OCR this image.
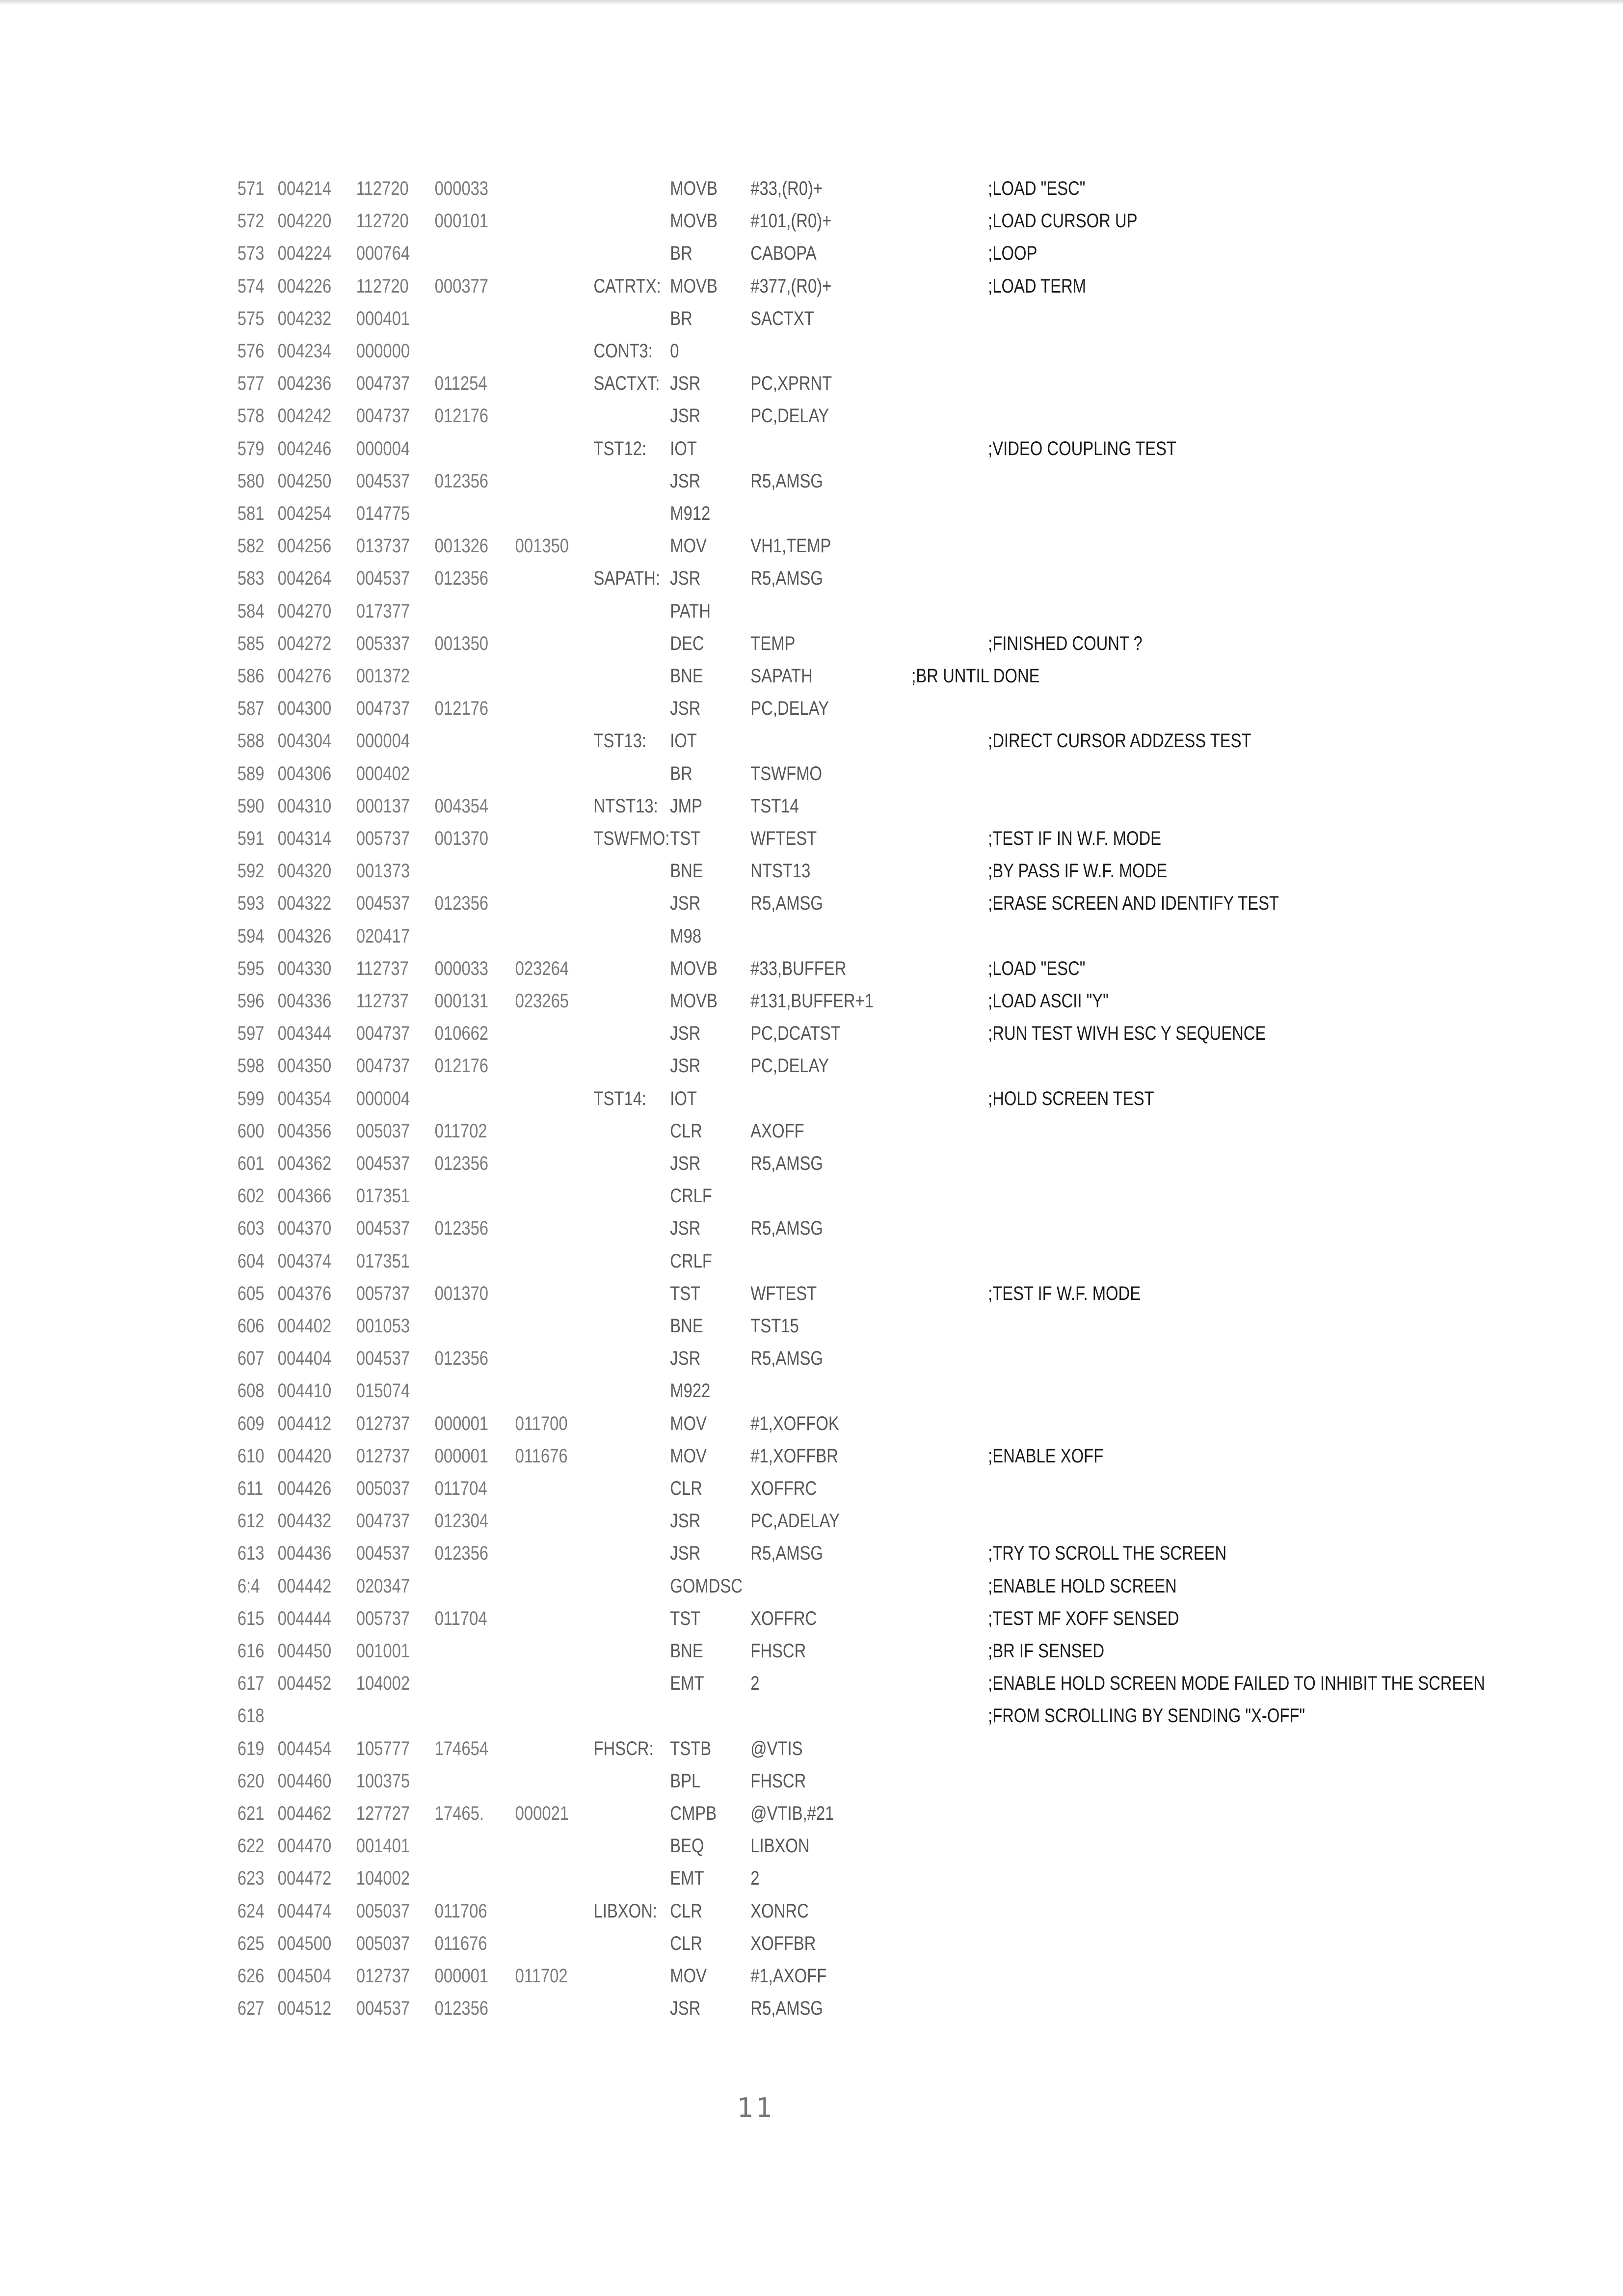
571 004214 112720 000033	MOVB #33,(R0)+	;LOAD "ESC"
572 004220 112720 000101	MOVB #101,(R0)+	;LOAD CURSOR UP
573 004224 000764	BR	CABOPA	;LOOP
574 004226 112720 000377	CATRTX: MOVB #377,(R0)+	;LOAD TERM
575 004232 000401	BR	SACTXT
576 004234 000000	CONT3: 0
577 004236 004737 011254	SACTXT: JSR	PC,XPRNT
578 004242 004737 012176	JSR	PC,DELAY
579 004246 000004	TST12: IOT	;VIDEO COUPLING TEST
580 004250 004537 012356	JSR	R5,AMSG
581 004254 014775	M912
582 004256 013737 001326 001350	MOV VH1,TEMP
583 004264 004537 012356	SAPATH: JSR	R5,AMSG
584 004270 017377	PATH
585 004272 005337 001350	DEC TEMP	;FINISHED COUNT ?
586 004276 001372	BNE SAPATH	;BR UNTIL DONE
587 004300 004737 012176	JSR	PC,DELAY
588 004304 000004	TST13: IOT	;DIRECT CURSOR ADDZESS TEST
589 004306 000402	BR	TSWFMO
590 004310 000137 004354	NTST13: JMP TST14
591 004314 005737 001370	TSWFMO: TST	WFTEST	;TEST IF IN W.F. MODE
592 004320 001373	BNE NTST13	;BY PASS IF W.F. MODE
593 004322 004537 012356	JSR	R5,AMSG	;ERASE SCREEN AND IDENTIFY TEST
594 004326 020417	M98
595 004330 112737 000033 023264	MOVB #33,BUFFER	;LOAD "ESC"
596 004336 112737 000131 023265	MOVB #131,BUFFER+1	;LOAD ASCII "Y"
597 004344 004737 010662	JSR	PC,DCATST	;RUN TEST WIVH ESC Y SEQUENCE
598 004350 004737 012176	JSR	PC,DELAY
599 004354 000004	TST14: IOT	;HOLD SCREEN TEST
600 004356 005037 011702	CLR AXOFF
601 004362 004537 012356	JSR	R5,AMSG
602 004366 017351	CRLF
603 004370 004537 012356	JSR	R5,AMSG
604 004374 017351	CRLF
605 004376 005737 001370	TST	WFTEST	;TEST IF W.F. MODE
606 004402 001053	BNE TST15
607 004404 004537 012356	JSR	R5,AMSG
608 004410 015074	M922
609 004412 012737 000001 011700	MOV #1,XOFFOK
610 004420 012737 000001 011676	MOV #1,XOFFBR	;ENABLE XOFF
611 004426 005037 011704	CLR XOFFRC
612 004432 004737 012304	JSR	PC,ADELAY
613 004436 004537 012356	JSR	R5,AMSG	;TRY TO SCROLL THE SCREEN
6:4 004442 020347	GOMDSC	;ENABLE HOLD SCREEN
615 004444 005737 011704	TST	XOFFRC	;TEST MF XOFF SENSED
616 004450 001001	BNE FHSCR	;BR IF SENSED
617 004452 104002	EMT 2	;ENABLE HOLD SCREEN MODE FAILED TO INHIBIT THE SCREEN
618	;FROM SCROLLING BY SENDING "X-OFF"
619 004454 105777 174654	FHSCR: TSTB @VTIS
620 004460 100375	BPL	FHSCR
621 004462 127727 17465. 000021	CMPB @VTIB,#21
622 004470 001401	BEQ LIBXON
623 004472 104002	EMT 2
624 004474 005037 011706	LIBXON: CLR XONRC
625 004500 005037 011676	CLR XOFFBR
626 004504 012737 000001 011702	MOV #1,AXOFF
627 004512 004537 012356	JSR	R5,AMSG
11
